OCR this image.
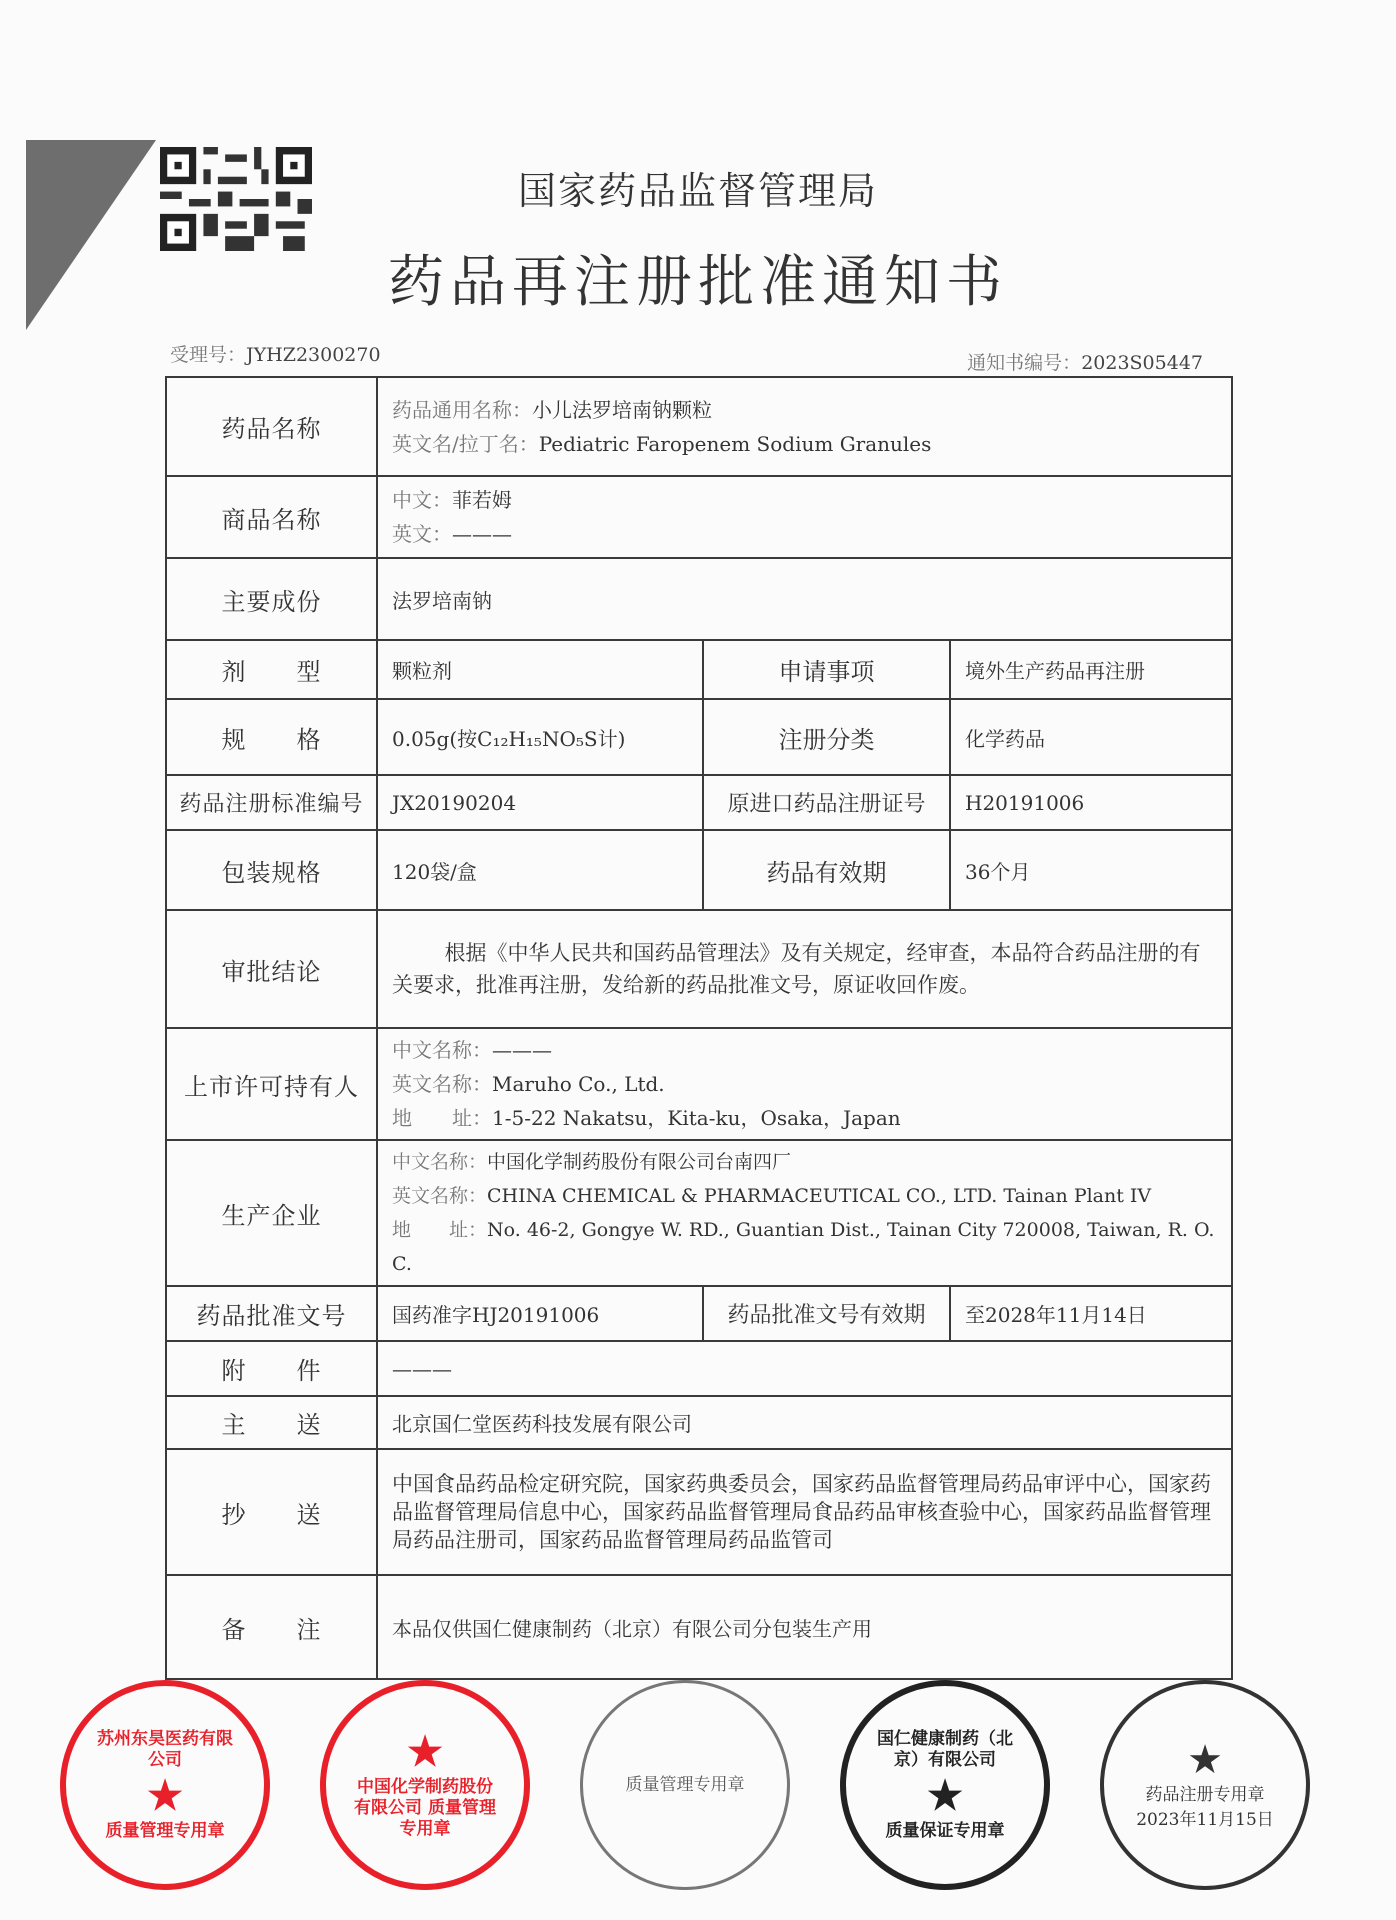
国家药品监督管理局
药品再注册批准通知书
受理号：JYHZ2300270	通知书编号：2023S05447
药品名称	药品通用名称：小儿法罗培南钠颗粒
英文名/拉丁名：Pediatric Faropenem Sodium Granules		

商品名称	中文：菲若姆
英文：———		

主要成份	法罗培南钠		
剂　　型	颗粒剂	申请事项	境外生产药品再注册
规　　格	0.05g(按C₁₂H₁₅NO₅S计)	注册分类	化学药品
药品注册标准编号	JX20190204	原进口药品注册证号	H20191006
包装规格	120袋/盒	药品有效期	36个月
审批结论	根据《中华人民共和国药品管理法》及有关规定，经审查，本品符合药品注册的有关要求，批准再注册，发给新的药品批准文号，原证收回作废。		
上市许可持有人	中文名称：———
英文名称：Maruho Co., Ltd.
地　　址：1-5-22 Nakatsu，Kita-ku，Osaka，Japan		

生产企业	中文名称：中国化学制药股份有限公司台南四厂
英文名称：CHINA CHEMICAL & PHARMACEUTICAL CO., LTD. Tainan Plant IV
地　　址：No. 46-2, Gongye W. RD., Guantian Dist., Tainan City 720008, Taiwan, R. O. C.		

药品批准文号	国药准字HJ20191006	药品批准文号有效期	至2028年11月14日
附　　件	———		
主　　送	北京国仁堂医药科技发展有限公司		
抄　　送	中国食品药品检定研究院，国家药典委员会，国家药品监督管理局药品审评中心，国家药品监督管理局信息中心，国家药品监督管理局食品药品审核查验中心，国家药品监督管理局药品注册司，国家药品监督管理局药品监管司		
备　　注	本品仅供国仁健康制药（北京）有限公司分包装生产用		
苏州东昊医药有限公司
★
质量管理专用章
★
中国化学制药股份有限公司 质量管理专用章
质量管理专用章
国仁健康制药（北京）有限公司
★
质量保证专用章
★
药品注册专用章
2023年11月15日
